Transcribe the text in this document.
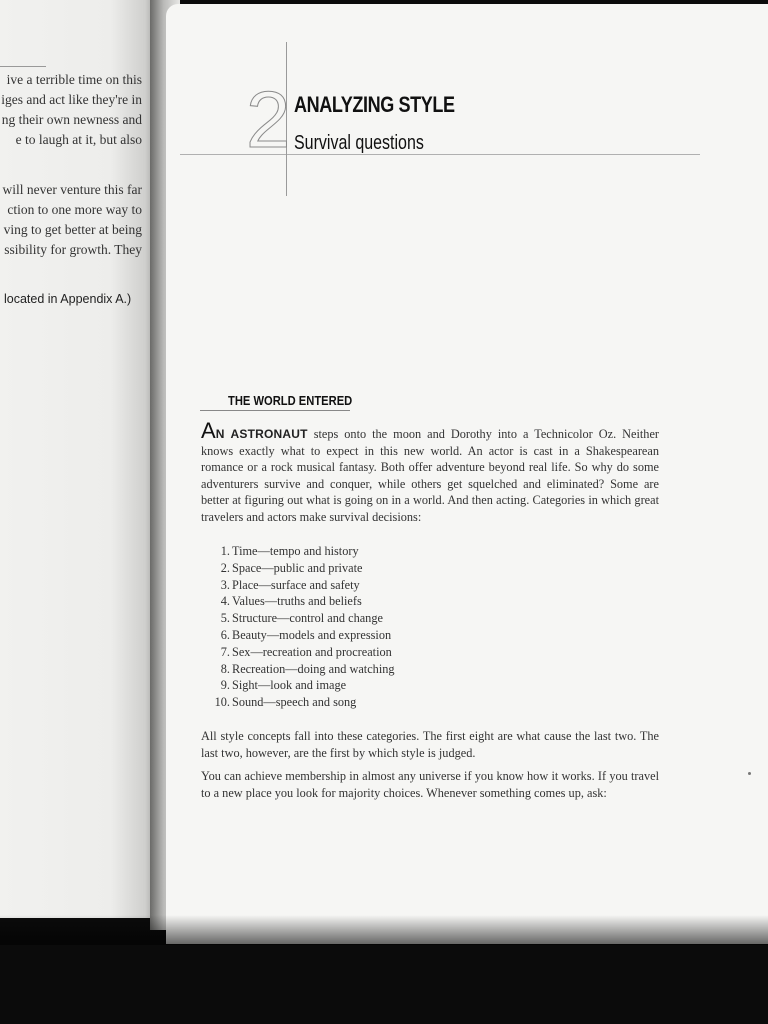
ive a terrible time on this
iges and act like they're in
ng their own newness and
e to laugh at it, but also
will never venture this far
ction to one more way to
ving to get better at being
ssibility for growth. They
located in Appendix A.)
2 ANALYZING STYLE
Survival questions
THE WORLD ENTERED
AN ASTRONAUT steps onto the moon and Dorothy into a Technicolor Oz. Neither knows exactly what to expect in this new world. An actor is cast in a Shakespearean romance or a rock musical fantasy. Both offer adventure beyond real life. So why do some adventurers survive and conquer, while others get squelched and eliminated? Some are better at figuring out what is going on in a world. And then acting. Categories in which great travelers and actors make survival decisions:
1. Time—tempo and history
2. Space—public and private
3. Place—surface and safety
4. Values—truths and beliefs
5. Structure—control and change
6. Beauty—models and expression
7. Sex—recreation and procreation
8. Recreation—doing and watching
9. Sight—look and image
10. Sound—speech and song
All style concepts fall into these categories. The first eight are what cause the last two. The last two, however, are the first by which style is judged.
You can achieve membership in almost any universe if you know how it works. If you travel to a new place you look for majority choices. Whenever something comes up, ask:
